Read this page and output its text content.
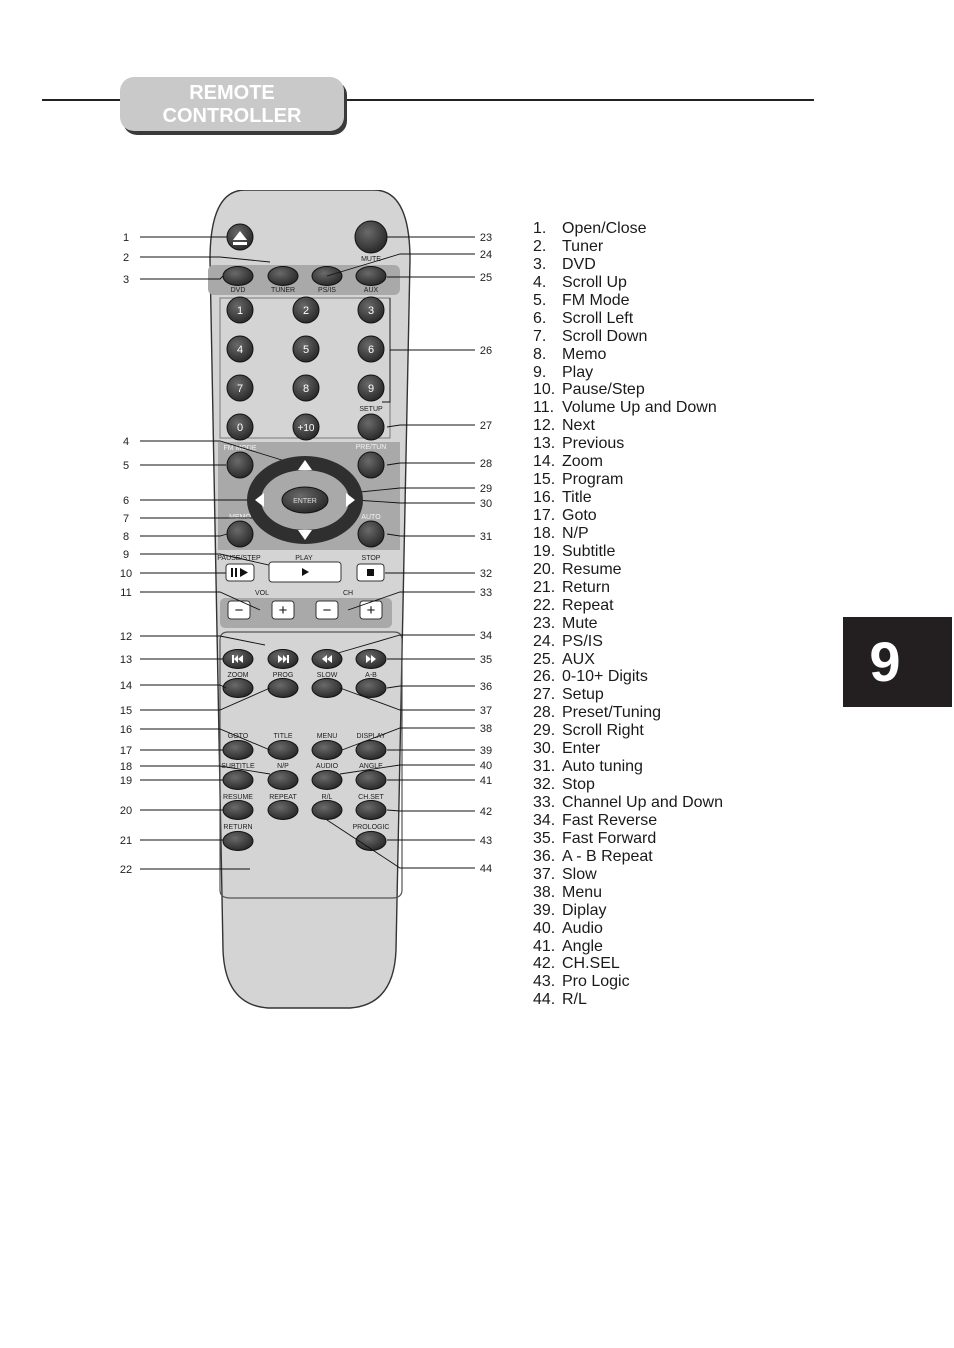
REMOTE
CONTROLLER
MUTE
DVD	TUNER	PS/IS	AUX
1	2	3
4	5	6
7	8	9
0	+10
SETUP
FM MODE	PRE/TUN
MEMO	AUTO
PAUSE/STEP	PLAY	STOP
VOL	CH
− + − +
ZOOM	PROG	SLOW	A-B
GOTO	TITLE	MENU	DISPLAY
SUBTITLE	N/P	AUDIO	ANGLE
RESUME REPEAT	R/L	CH.SET
RETURN	PROLOGIC
1
2
3
4
5
6
7
8
9
10
11
12
13
14
15
16
17
18
19
20
21
22
23
24
25
26
27
28
29
30
31
32
33
34
35
36
37
38
39
40
41
42
43
44
ENTER
1. Open/Close
2. Tuner
3. DVD
4. Scroll Up
5. FM Mode
6. Scroll Left
7. Scroll Down
8. Memo
9. Play
10. Pause/Step
11. Volume Up and Down
12. Next
13. Previous
14. Zoom
15. Program
16. Title
17. Goto
18. N/P
19. Subtitle
20. Resume
21. Return
22. Repeat
23. Mute
24. PS/IS
25. AUX
26. 0-10+ Digits
27. Setup
28. Preset/Tuning
29. Scroll Right
30. Enter
31. Auto tuning
32. Stop
33. Channel Up and Down
34. Fast Reverse
35. Fast Forward
36. A - B Repeat
37. Slow
38. Menu
39. Diplay
40. Audio
41. Angle
42. CH.SEL
43. Pro Logic
44. R/L
9
